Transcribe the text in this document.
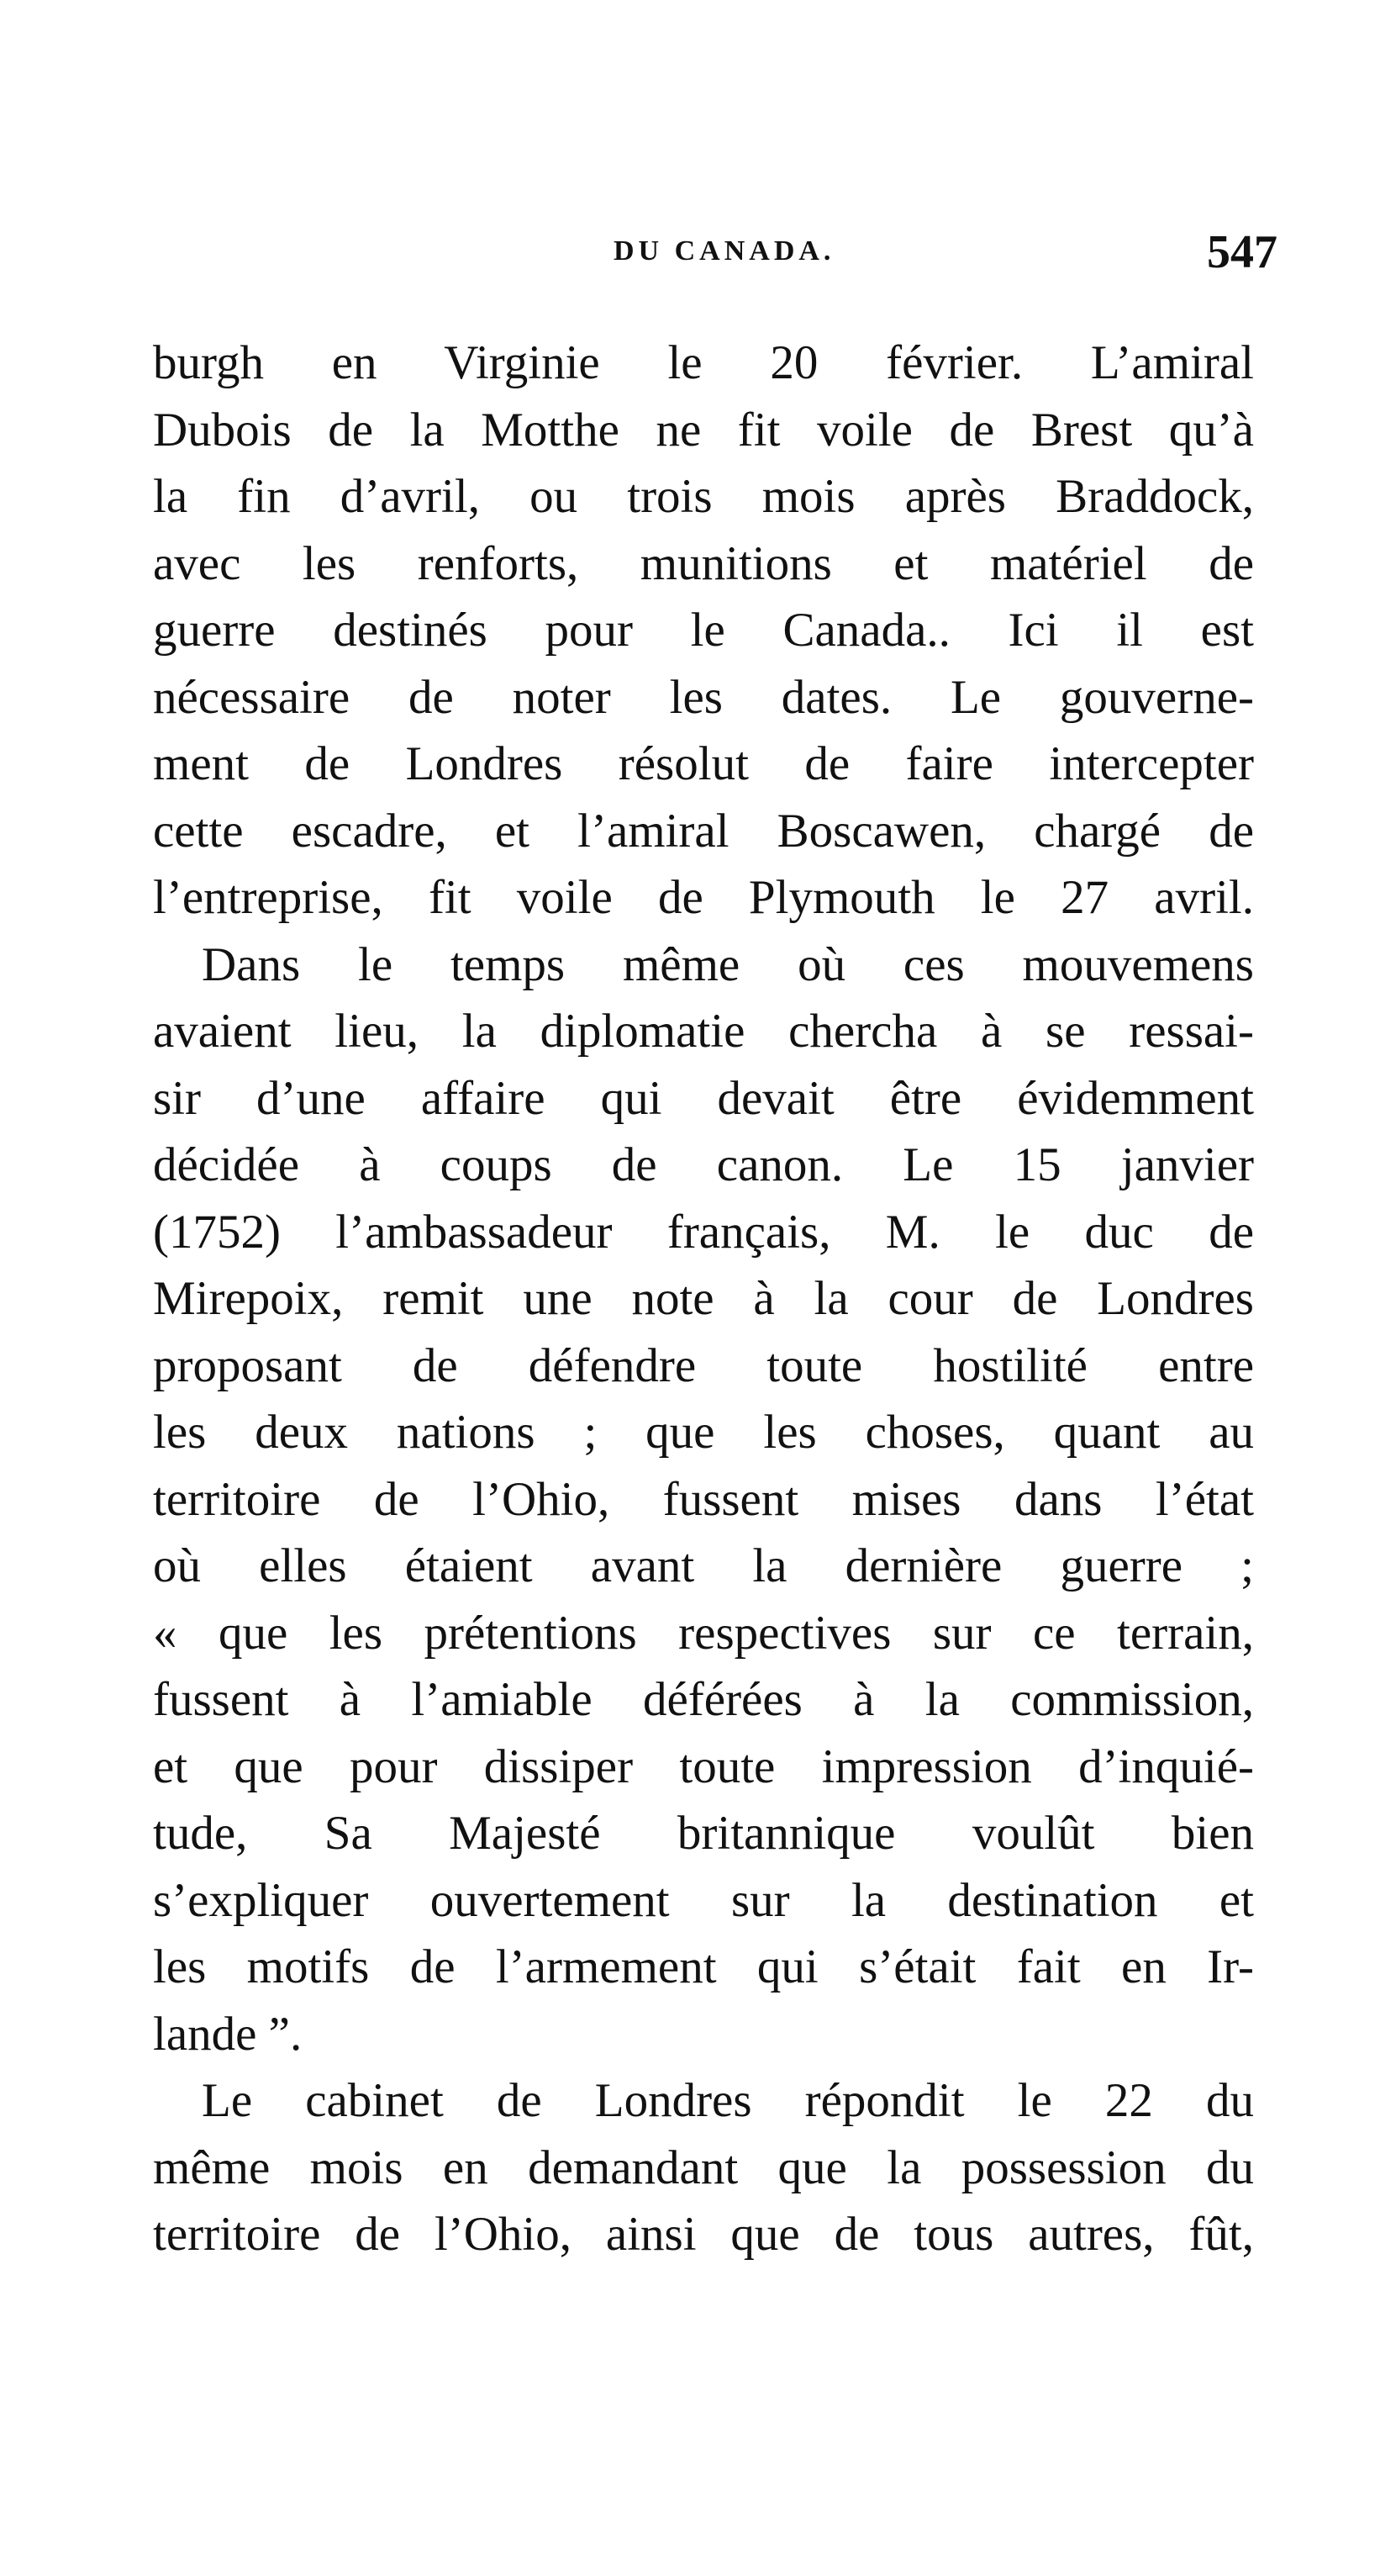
DU CANADA.	547
burgh en Virginie le 20 février. L’amiral
Dubois de la Motthe ne fit voile de Brest qu’à
la fin d’avril, ou trois mois après Braddock,
avec les renforts, munitions et matériel de
guerre destinés pour le Canada.. Ici il est
nécessaire de noter les dates. Le gouverne-
ment de Londres résolut de faire intercepter
cette escadre, et l’amiral Boscawen, chargé de
l’entreprise, fit voile de Plymouth le 27 avril.
Dans le temps même où ces mouvemens
avaient lieu, la diplomatie chercha à se ressai-
sir d’une affaire qui devait être évidemment
décidée à coups de canon. Le 15 janvier
(1752) l’ambassadeur français, M. le duc de
Mirepoix, remit une note à la cour de Londres
proposant de défendre toute hostilité entre
les deux nations ; que les choses, quant au
territoire de l’Ohio, fussent mises dans l’état
où elles étaient avant la dernière guerre ;
« que les prétentions respectives sur ce terrain,
fussent à l’amiable déférées à la commission,
et que pour dissiper toute impression d’inquié-
tude, Sa Majesté britannique voulût bien
s’expliquer ouvertement sur la destination et
les motifs de l’armement qui s’était fait en Ir-
lande ”.
Le cabinet de Londres répondit le 22 du
même mois en demandant que la possession du
territoire de l’Ohio, ainsi que de tous autres, fût,
